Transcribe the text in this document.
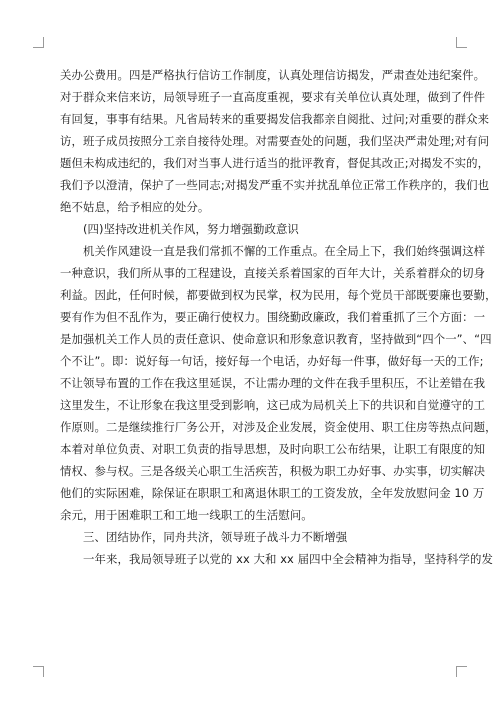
关办公费用。四是严格执行信访工作制度，认真处理信访揭发，严肃查处违纪案件。
对于群众来信来访，局领导班子一直高度重视，要求有关单位认真处理，做到了件件
有回复，事事有结果。凡省局转来的重要揭发信我都亲自阅批、过问;对重要的群众来
访，班子成员按照分工亲自接待处理。对需要查处的问题，我们坚决严肃处理;对有问
题但未构成违纪的，我们对当事人进行适当的批评教育，督促其改正;对揭发不实的，
我们予以澄清，保护了一些同志;对揭发严重不实并扰乱单位正常工作秩序的，我们也
绝不姑息，给予相应的处分。
(四)坚持改进机关作风，努力增强勤政意识
机关作风建设一直是我们常抓不懈的工作重点。在全局上下，我们始终强调这样
一种意识，我们所从事的工程建设，直接关系着国家的百年大计，关系着群众的切身
利益。因此，任何时候，都要做到权为民掌，权为民用，每个党员干部既要廉也要勤，
要有作为但不乱作为，要正确行使权力。围绕勤政廉政，我们着重抓了三个方面：一
是加强机关工作人员的责任意识、使命意识和形象意识教育，坚持做到“四个一”、“四
个不让”。即：说好每一句话，接好每一个电话，办好每一件事，做好每一天的工作;
不让领导布置的工作在我这里延误，不让需办理的文件在我手里积压，不让差错在我
这里发生，不让形象在我这里受到影响，这已成为局机关上下的共识和自觉遵守的工
作原则。二是继续推行厂务公开，对涉及企业发展，资金使用、职工住房等热点问题，
本着对单位负责、对职工负责的指导思想，及时向职工公布结果，让职工有限度的知
情权、参与权。三是各级关心职工生活疾苦，积极为职工办好事、办实事，切实解决
他们的实际困难，除保证在职职工和离退休职工的工资发放，全年发放慰问金 10 万
余元，用于困难职工和工地一线职工的生活慰问。
三、团结协作，同舟共济，领导班子战斗力不断增强
一年来，我局领导班子以党的 xx 大和 xx 届四中全会精神为指导，坚持科学的发
